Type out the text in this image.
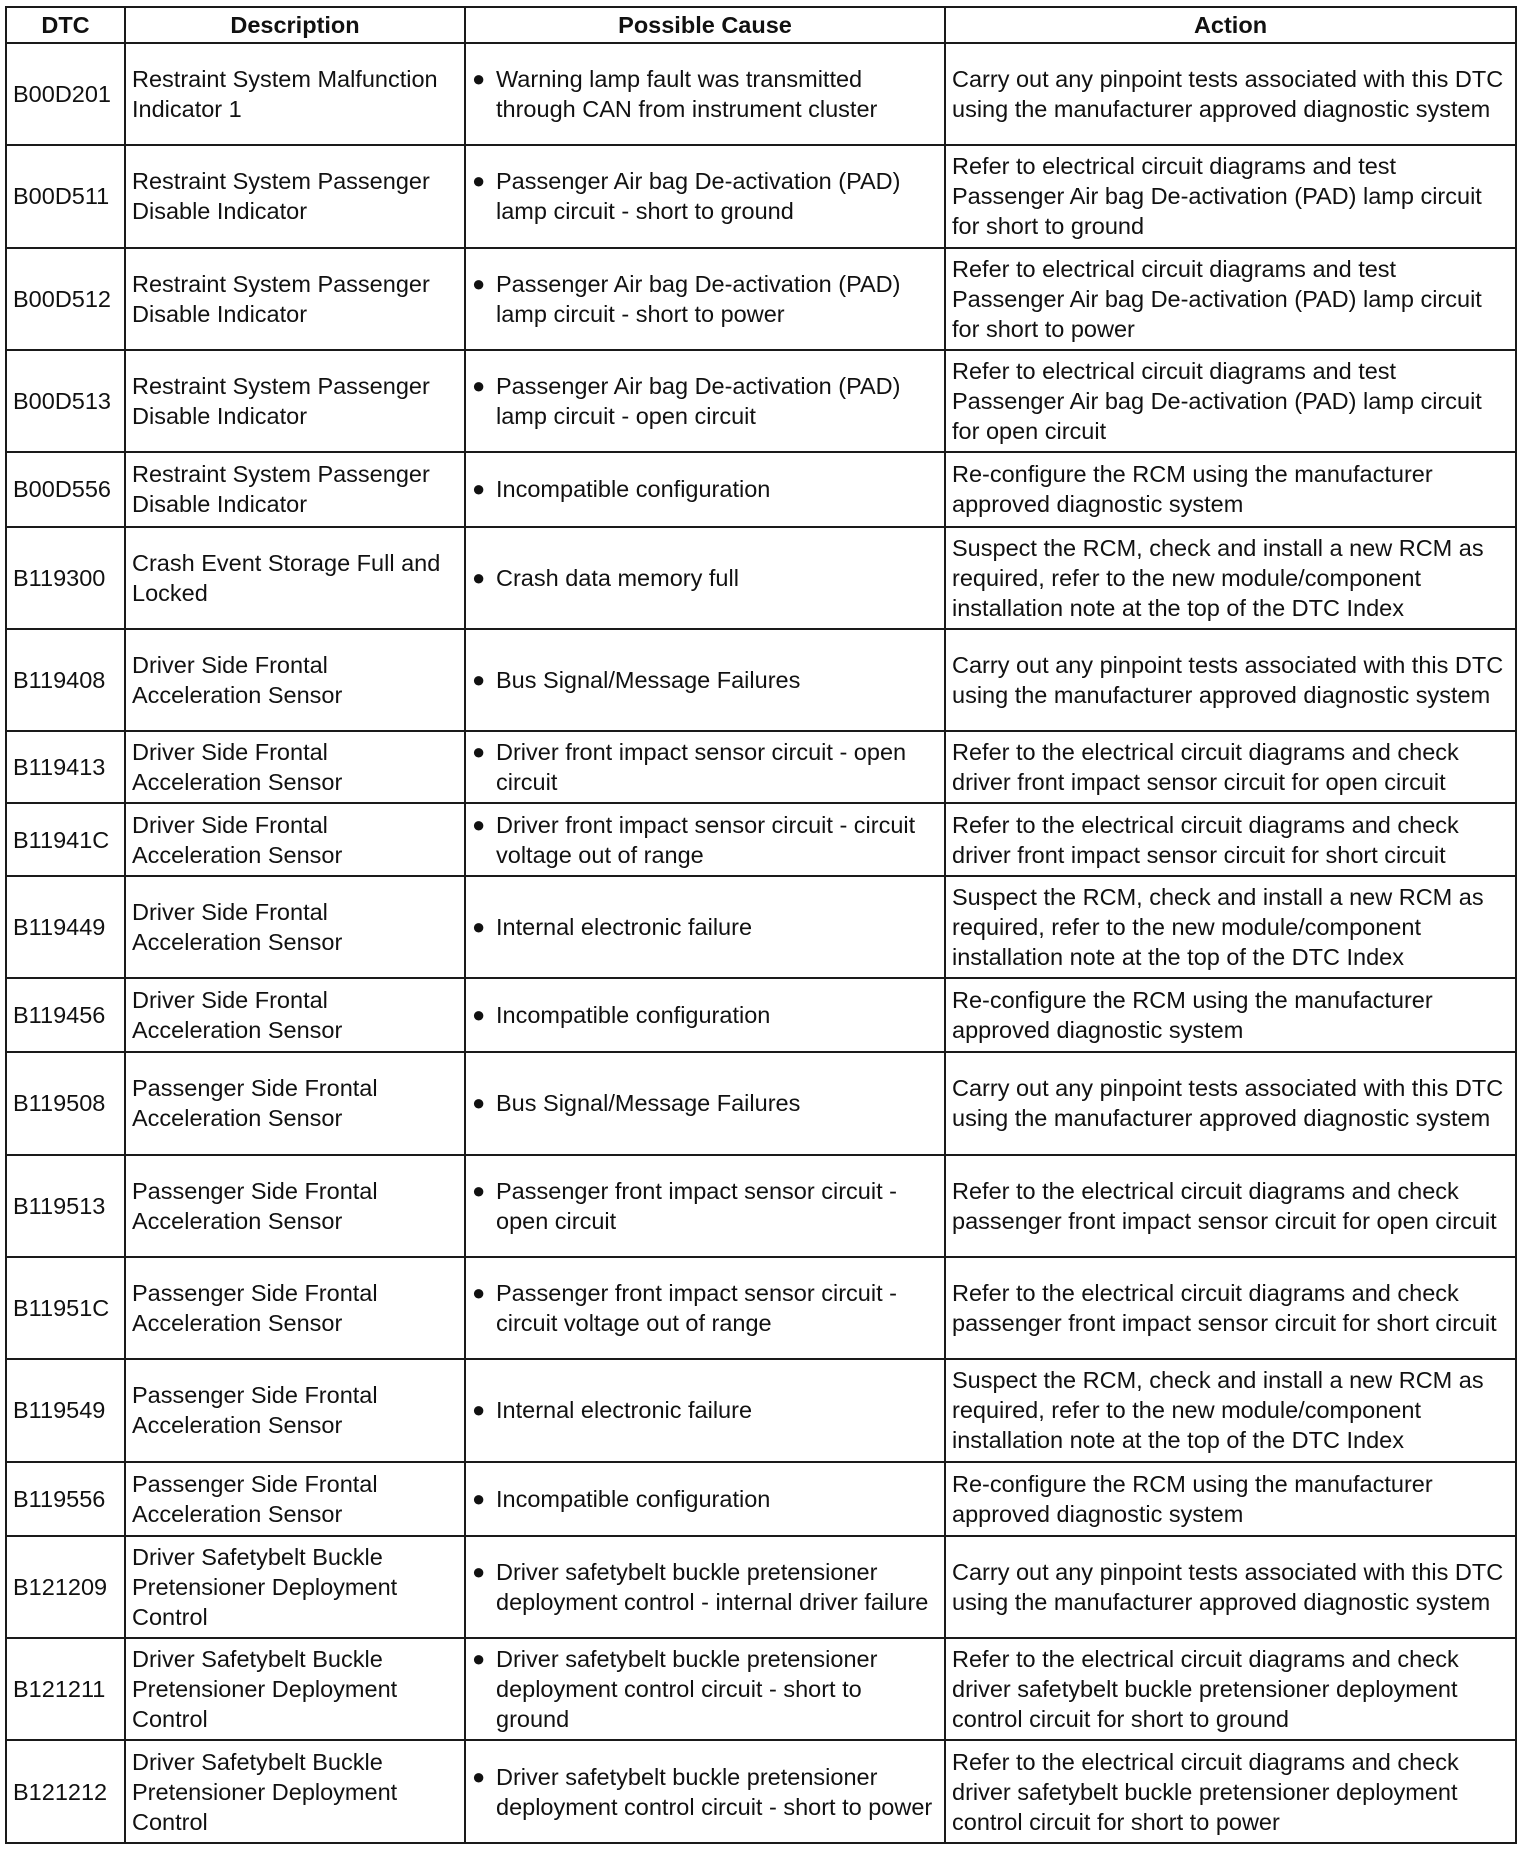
DTC	Description	Possible Cause	Action
B00D201	Restraint System Malfunction Indicator 1	● Warning lamp fault was transmitted through CAN from instrument cluster	Carry out any pinpoint tests associated with this DTC using the manufacturer approved diagnostic system
B00D511	Restraint System Passenger Disable Indicator	● Passenger Air bag De-activation (PAD) lamp circuit - short to ground	Refer to electrical circuit diagrams and test Passenger Air bag De-activation (PAD) lamp circuit for short to ground
B00D512	Restraint System Passenger Disable Indicator	● Passenger Air bag De-activation (PAD) lamp circuit - short to power	Refer to electrical circuit diagrams and test Passenger Air bag De-activation (PAD) lamp circuit for short to power
B00D513	Restraint System Passenger Disable Indicator	● Passenger Air bag De-activation (PAD) lamp circuit - open circuit	Refer to electrical circuit diagrams and test Passenger Air bag De-activation (PAD) lamp circuit for open circuit
B00D556	Restraint System Passenger Disable Indicator	● Incompatible configuration	Re-configure the RCM using the manufacturer approved diagnostic system
B119300	Crash Event Storage Full and Locked	● Crash data memory full	Suspect the RCM, check and install a new RCM as required, refer to the new module/component installation note at the top of the DTC Index
B119408	Driver Side Frontal Acceleration Sensor	● Bus Signal/Message Failures	Carry out any pinpoint tests associated with this DTC using the manufacturer approved diagnostic system
B119413	Driver Side Frontal Acceleration Sensor	● Driver front impact sensor circuit - open circuit	Refer to the electrical circuit diagrams and check driver front impact sensor circuit for open circuit
B11941C	Driver Side Frontal Acceleration Sensor	● Driver front impact sensor circuit - circuit voltage out of range	Refer to the electrical circuit diagrams and check driver front impact sensor circuit for short circuit
B119449	Driver Side Frontal Acceleration Sensor	● Internal electronic failure	Suspect the RCM, check and install a new RCM as required, refer to the new module/component installation note at the top of the DTC Index
B119456	Driver Side Frontal Acceleration Sensor	● Incompatible configuration	Re-configure the RCM using the manufacturer approved diagnostic system
B119508	Passenger Side Frontal Acceleration Sensor	● Bus Signal/Message Failures	Carry out any pinpoint tests associated with this DTC using the manufacturer approved diagnostic system
B119513	Passenger Side Frontal Acceleration Sensor	● Passenger front impact sensor circuit - open circuit	Refer to the electrical circuit diagrams and check passenger front impact sensor circuit for open circuit
B11951C	Passenger Side Frontal Acceleration Sensor	● Passenger front impact sensor circuit - circuit voltage out of range	Refer to the electrical circuit diagrams and check passenger front impact sensor circuit for short circuit
B119549	Passenger Side Frontal Acceleration Sensor	● Internal electronic failure	Suspect the RCM, check and install a new RCM as required, refer to the new module/component installation note at the top of the DTC Index
B119556	Passenger Side Frontal Acceleration Sensor	● Incompatible configuration	Re-configure the RCM using the manufacturer approved diagnostic system
B121209	Driver Safetybelt Buckle Pretensioner Deployment Control	● Driver safetybelt buckle pretensioner deployment control - internal driver failure	Carry out any pinpoint tests associated with this DTC using the manufacturer approved diagnostic system
B121211	Driver Safetybelt Buckle Pretensioner Deployment Control	● Driver safetybelt buckle pretensioner deployment control circuit - short to ground	Refer to the electrical circuit diagrams and check driver safetybelt buckle pretensioner deployment control circuit for short to ground
B121212	Driver Safetybelt Buckle Pretensioner Deployment Control	● Driver safetybelt buckle pretensioner deployment control circuit - short to power	Refer to the electrical circuit diagrams and check driver safetybelt buckle pretensioner deployment control circuit for short to power
